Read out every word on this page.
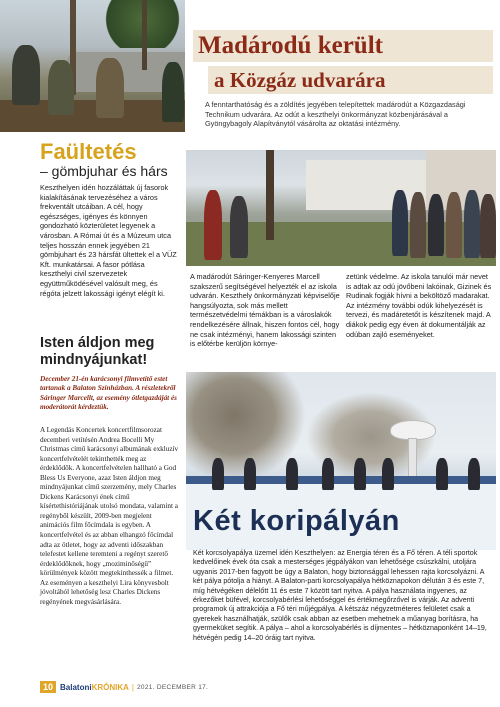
Faültetés
– gömbjuhar és hárs

Keszthelyen idén hozzáláttak új fasorok kialakításának tervezéséhez a város frekventált utcáiban. A cél, hogy egészséges, igényes és könnyen gondozható közterületet legyenek a városban. A Római út és a Múzeum utca teljes hosszán ennek jegyében 21 gömbjuhart és 23 hársfát ültettek el a VÜZ Kft. munkatársai. A fasor pótlása keszthelyi civil szervezetek együttműködésével valósult meg, és régóta jelzett lakossági igényt elégít ki.

Isten áldjon meg mindnyájunkat!

December 21-én karácsonyi filmvetítő estet tartanak a Balaton Színházban. A részletekről Sáringer Marcellt, az esemény ötletgazdáját és moderátorát kérdeztük.

A Legendás Koncertek koncertfilmsorozat decemberi vetítésén Andrea Bocelli My Christmas című karácsonyi albumának exkluzív koncertfelvételét tekinthették meg az érdeklődők. A koncertfelvételen hallható a God Bless Us Everyone, azaz Isten áldjon meg mindnyájunkat című szerzemény, mely Charles Dickens Karácsonyi ének című kísértethistóriájának utolsó mondata, valamint a regényből készült, 2009-ben megjelent animációs film főcímdala is egyben. A koncertfelvétel és az abban elhangzó főcímdal adta az ötletet, hogy az adventi időszakban telefestet kellene teremteni a regényt szerető érdeklődőknek, hogy „moziminőségű” körülmények között megtekinthessék a filmet. Az eseményen a keszthelyi Lira könyvesbolt jóvoltából lehetőség lesz Charles Dickens regényének megvásárlására.

Madárodú került
a Közgáz udvarára

A fenntarthatóság és a zöldítés jegyében telepítettek madárodút a Közgazdasági Technikum udvarára. Az odút a keszthelyi önkormányzat közbenjárásával a Gyöngybagoly Alapítványtól vásárolta az oktatási intézmény.

A madárodút Sáringer-Kenyeres Marcell szakszerű segítségével helyezték el az iskola udvarán. Keszthely önkormányzati képviselője hangsúlyozta, sok más mellett természetvédelmi témákban is a városlakók rendelkezésére állnak, hiszen fontos cél, hogy ne csak intézményi, hanem lakossági szinten is előtérbe kerüljön környe-

zetünk védelme. Az iskola tanulói már nevet is adtak az odú jövőbeni lakóinak, Gizinek és Rudinak fogják hívni a beköltöző madarakat. Az intézmény további odúk kihelyezését is tervezi, és madáretetőt is készítenek majd. A diákok pedig egy éven át dokumentálják az odúban zajló eseményeket.

Két koripályán

Két korcsolyapálya üzemel idén Keszthelyen: az Energia téren és a Fő téren. A téli sportok kedvelőinek évek óta csak a mesterséges jégpályákon van lehetősége csúszkálni, utoljára ugyanis 2017-ben fagyott be úgy a Balaton, hogy biztonsággal lehessen rajta korcsolyázni. A két pálya pótolja a hiányt. A Balaton-parti korcsolyapálya hétköznapokon délután 3 és este 7, míg hétvégéken délelőtt 11 és este 7 között tart nyitva. A pálya használata ingyenes, az érkezőket büfével, korcsolyabérlési lehetőséggel és értékmegőrzővel is várják. Az adventi programok új attrakciója a Fő téri műjégpálya. A kétszáz négyzetméteres felületet csak a gyerekek használhatják, szülők csak abban az esetben mehetnek a műanyag borításra, ha gyermeküket segítik. A pálya – ahol a korcsolyabérlés is díjmentes – hétköznaponként 14–19, hétvégén pedig 14–20 óráig tart nyitva.

10 BalatoniKRÓNIKA | 2021. DECEMBER 17.
